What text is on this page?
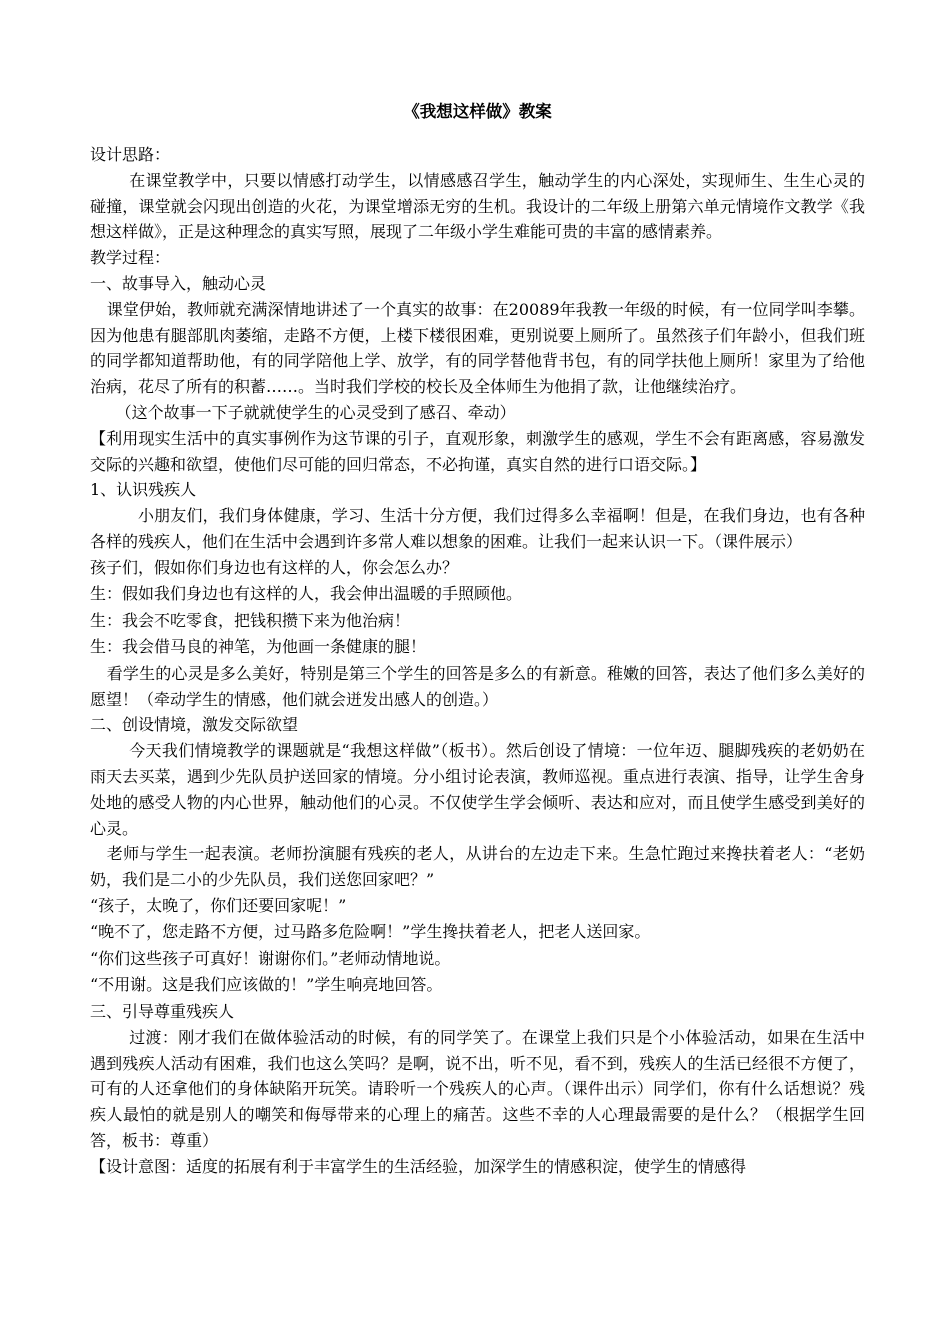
《我想这样做》教案

设计思路：

在课堂教学中，只要以情感打动学生，以情感感召学生，触动学生的内心深处，实现师生、生生心灵的碰撞，课堂就会闪现出创造的火花，为课堂增添无穷的生机。我设计的二年级上册第六单元情境作文教学《我想这样做》，正是这种理念的真实写照，展现了二年级小学生难能可贵的丰富的感情素养。

教学过程：

一、故事导入，触动心灵

课堂伊始，教师就充满深情地讲述了一个真实的故事：在20089年我教一年级的时候，有一位同学叫李攀。因为他患有腿部肌肉萎缩，走路不方便，上楼下楼很困难，更别说要上厕所了。虽然孩子们年龄小，但我们班的同学都知道帮助他，有的同学陪他上学、放学，有的同学替他背书包，有的同学扶他上厕所！家里为了给他治病，花尽了所有的积蓄……。当时我们学校的校长及全体师生为他捐了款，让他继续治疗。

（这个故事一下子就就使学生的心灵受到了感召、牵动）

【利用现实生活中的真实事例作为这节课的引子，直观形象，刺激学生的感观，学生不会有距离感，容易激发交际的兴趣和欲望，使他们尽可能的回归常态，不必拘谨，真实自然的进行口语交际。】

1、认识残疾人

小朋友们，我们身体健康，学习、生活十分方便，我们过得多么幸福啊！但是，在我们身边，也有各种各样的残疾人，他们在生活中会遇到许多常人难以想象的困难。让我们一起来认识一下。（课件展示）

孩子们，假如你们身边也有这样的人，你会怎么办？

生：假如我们身边也有这样的人，我会伸出温暖的手照顾他。

生：我会不吃零食，把钱积攒下来为他治病！

生：我会借马良的神笔，为他画一条健康的腿！

看学生的心灵是多么美好，特别是第三个学生的回答是多么的有新意。稚嫩的回答，表达了他们多么美好的愿望！（牵动学生的情感，他们就会迸发出感人的创造。）

二、创设情境，激发交际欲望

今天我们情境教学的课题就是“我想这样做”（板书）。然后创设了情境：一位年迈、腿脚残疾的老奶奶在雨天去买菜，遇到少先队员护送回家的情境。分小组讨论表演，教师巡视。重点进行表演、指导，让学生舍身处地的感受人物的内心世界，触动他们的心灵。不仅使学生学会倾听、表达和应对，而且使学生感受到美好的心灵。

老师与学生一起表演。老师扮演腿有残疾的老人，从讲台的左边走下来。生急忙跑过来搀扶着老人：“老奶奶，我们是二小的少先队员，我们送您回家吧？”

“孩子，太晚了，你们还要回家呢！”

“晚不了，您走路不方便，过马路多危险啊！”学生搀扶着老人，把老人送回家。

“你们这些孩子可真好！谢谢你们。”老师动情地说。

“不用谢。这是我们应该做的！”学生响亮地回答。

三、引导尊重残疾人

过渡：刚才我们在做体验活动的时候，有的同学笑了。在课堂上我们只是个小体验活动，如果在生活中遇到残疾人活动有困难，我们也这么笑吗？是啊，说不出，听不见，看不到，残疾人的生活已经很不方便了，可有的人还拿他们的身体缺陷开玩笑。请聆听一个残疾人的心声。（课件出示）同学们，你有什么话想说？残疾人最怕的就是别人的嘲笑和侮辱带来的心理上的痛苦。这些不幸的人心理最需要的是什么？（根据学生回答，板书：尊重）

【设计意图：适度的拓展有利于丰富学生的生活经验，加深学生的情感积淀，使学生的情感得
